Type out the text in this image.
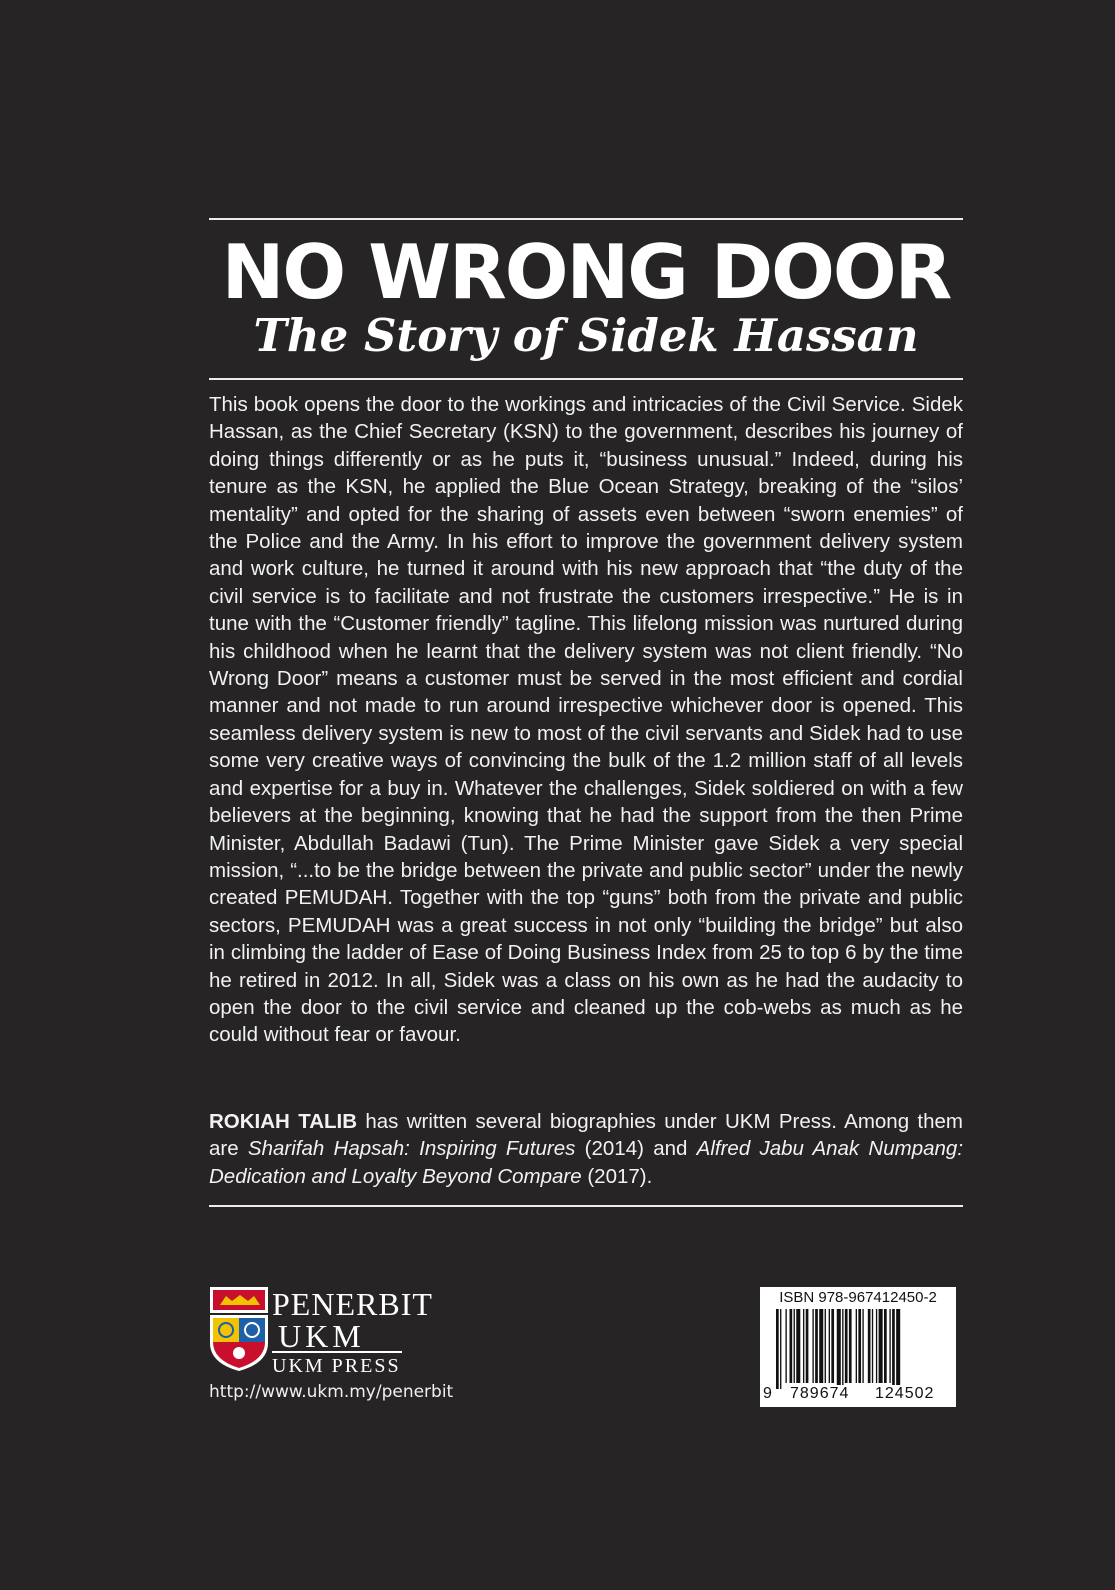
NO WRONG DOOR
The Story of Sidek Hassan

This book opens the door to the workings and intricacies of the Civil Service. Sidek Hassan, as the Chief Secretary (KSN) to the government, describes his journey of doing things differently or as he puts it, “business unusual.” Indeed, during his tenure as the KSN, he applied the Blue Ocean Strategy, breaking of the “silos’ mentality” and opted for the sharing of assets even between “sworn enemies” of the Police and the Army. In his effort to improve the government delivery system and work culture, he turned it around with his new approach that “the duty of the civil service is to facilitate and not frustrate the customers irrespective.” He is in tune with the “Customer friendly” tagline. This lifelong mission was nurtured during his childhood when he learnt that the delivery system was not client friendly. “No Wrong Door” means a customer must be served in the most efficient and cordial manner and not made to run around irrespective whichever door is opened. This seamless delivery system is new to most of the civil servants and Sidek had to use some very creative ways of convincing the bulk of the 1.2 million staff of all levels and expertise for a buy in. Whatever the challenges, Sidek soldiered on with a few believers at the beginning, knowing that he had the support from the then Prime Minister, Abdullah Badawi (Tun). The Prime Minister gave Sidek a very special mission, “...to be the bridge between the private and public sector” under the newly created PEMUDAH. Together with the top “guns” both from the private and public sectors, PEMUDAH was a great success in not only “building the bridge” but also in climbing the ladder of Ease of Doing Business Index from 25 to top 6 by the time he retired in 2012. In all, Sidek was a class on his own as he had the audacity to open the door to the civil service and cleaned up the cob-webs as much as he could without fear or favour.

ROKIAH TALIB has written several biographies under UKM Press. Among them are Sharifah Hapsah: Inspiring Futures (2014) and Alfred Jabu Anak Numpang: Dedication and Loyalty Beyond Compare (2017).

PENERBIT
UKM
UKM PRESS
http://www.ukm.my/penerbit
ISBN 978-967412450-2
9 789674 124502
